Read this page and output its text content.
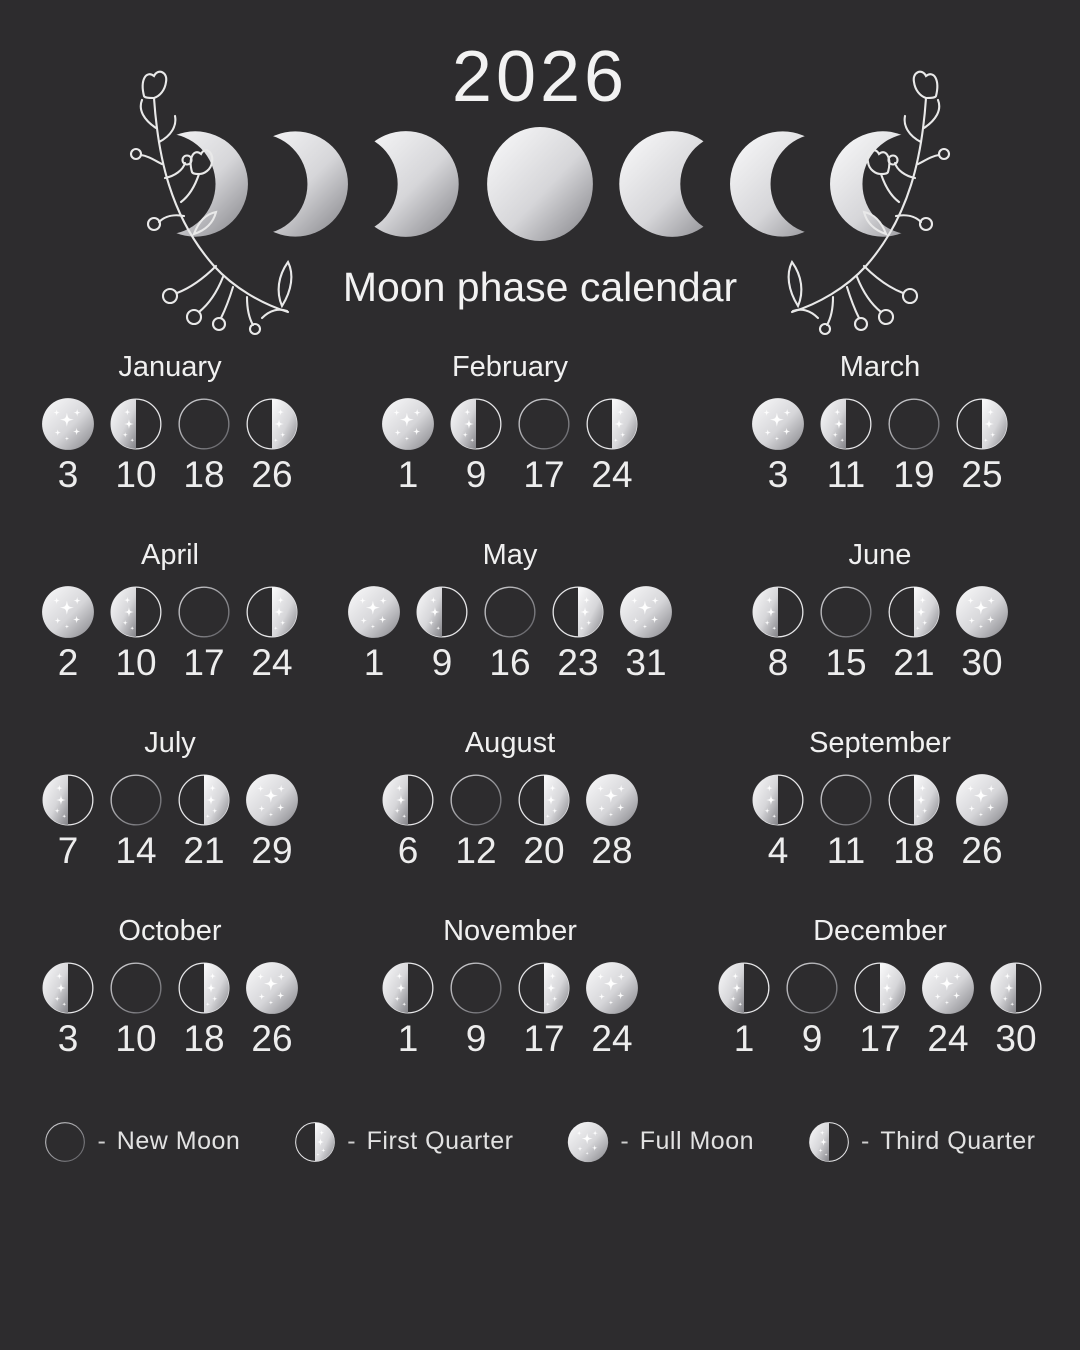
2026
Moon phase calendar
January
3 10 18 26
February
1 9 17 24
March
3 11 19 25
April
2 10 17 24
May
1 9 16 23 31
June
8 15 21 30
July
7 14 21 29
August
6 12 20 28
September
4 11 18 26
October
3 10 18 26
November
1 9 17 24
December
1 9 17 24 30
- New Moon	- First Quarter	- Full Moon	- Third Quarter
